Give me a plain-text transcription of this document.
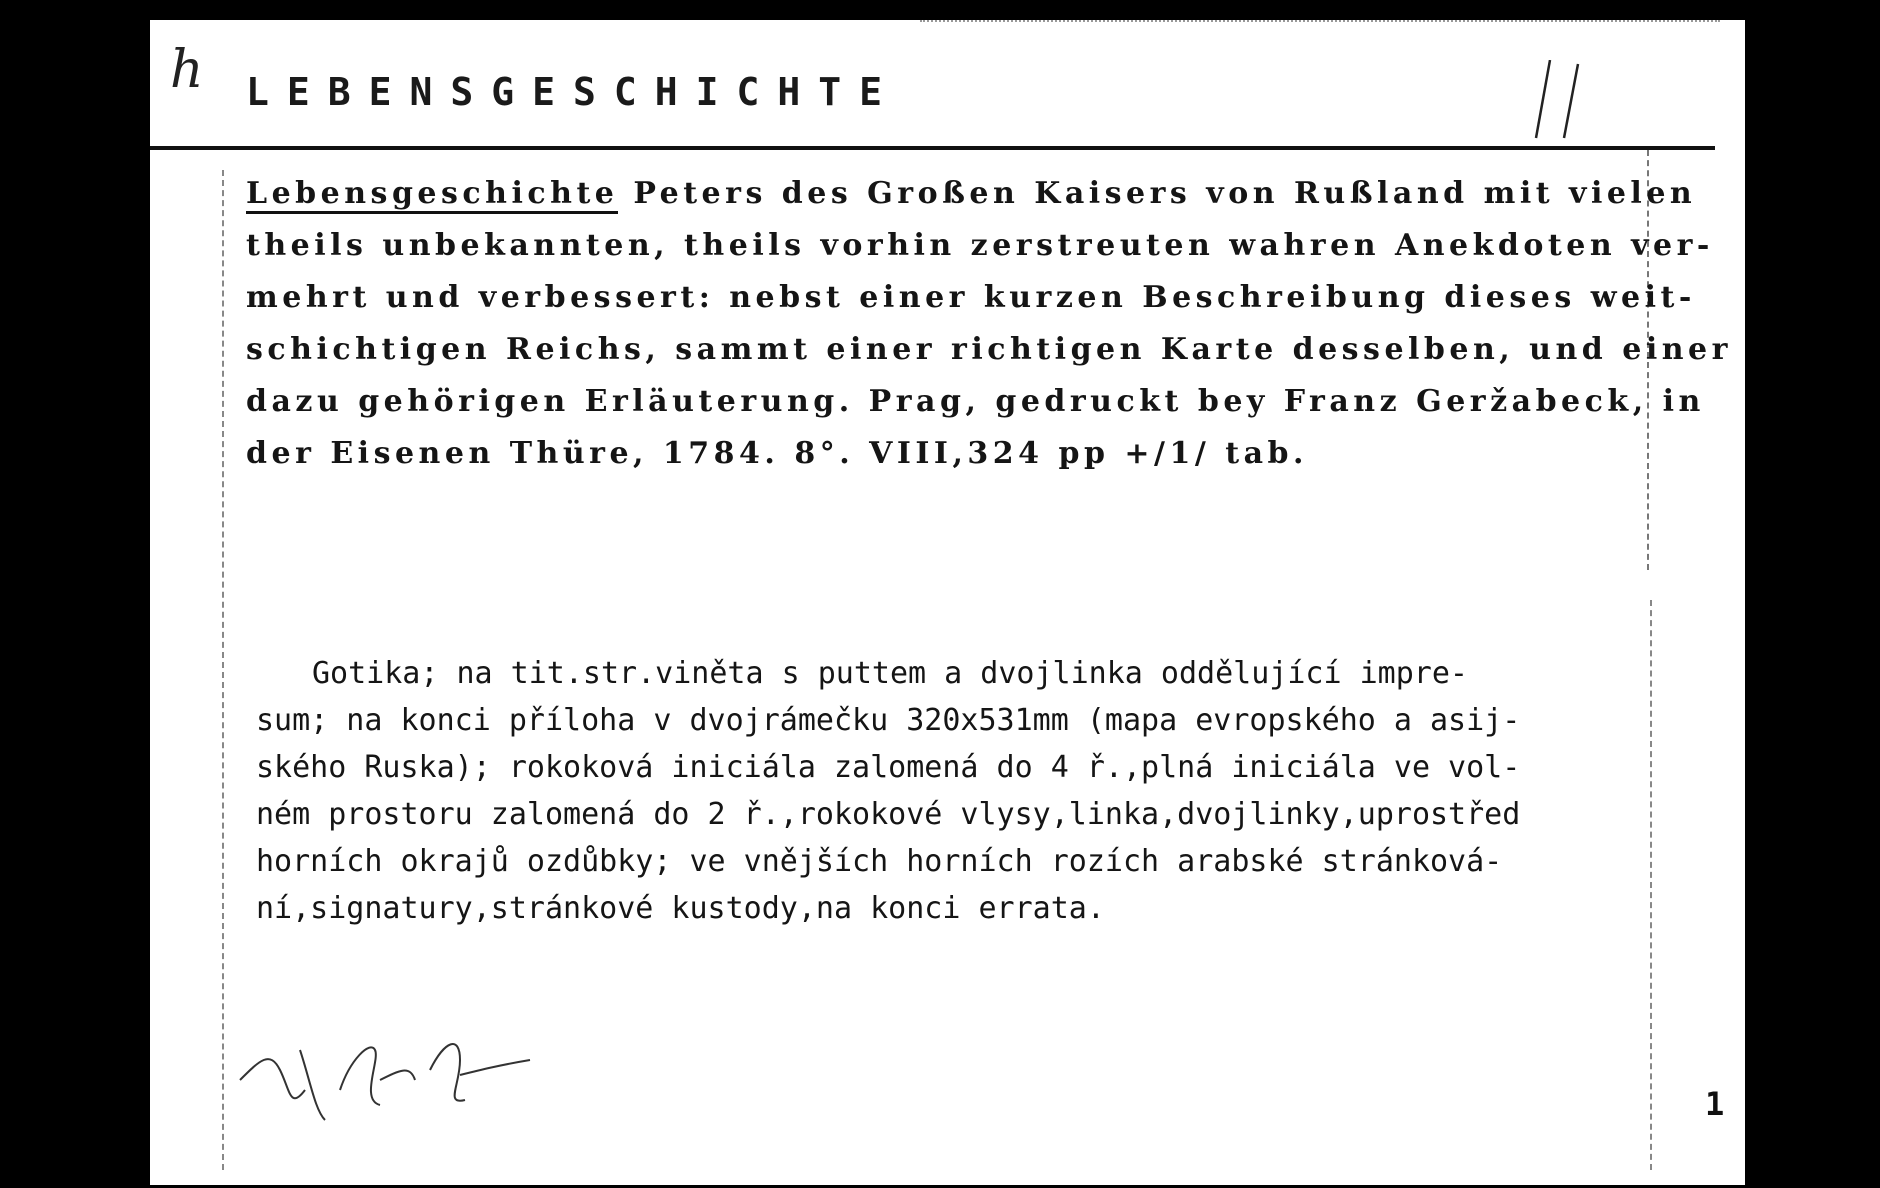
h LEBENSGESCHICHTE
Lebensgeschichte Peters des Großen Kaisers von Rußland mit vielen
theils unbekannten, theils vorhin zerstreuten wahren Anekdoten ver-
mehrt und verbessert: nebst einer kurzen Beschreibung dieses weit-
schichtigen Reichs, sammt einer richtigen Karte desselben, und einer
dazu gehörigen Erläuterung. Prag, gedruckt bey Franz Geržabeck, in
der Eisenen Thüre, 1784. 8°. VIII,324 pp +/1/ tab.
Gotika; na tit.str.viněta s puttem a dvojlinka oddělující impre-
sum; na konci příloha v dvojrámečku 320x531mm (mapa evropského a asij-
ského Ruska); rokoková iniciála zalomená do 4 ř.,plná iniciála ve vol-
ném prostoru zalomená do 2 ř.,rokokové vlysy,linka,dvojlinky,uprostřed
horních okrajů ozdůbky; ve vnějších horních rozích arabské stránková-
ní,signatury,stránkové kustody,na konci errata.
1
